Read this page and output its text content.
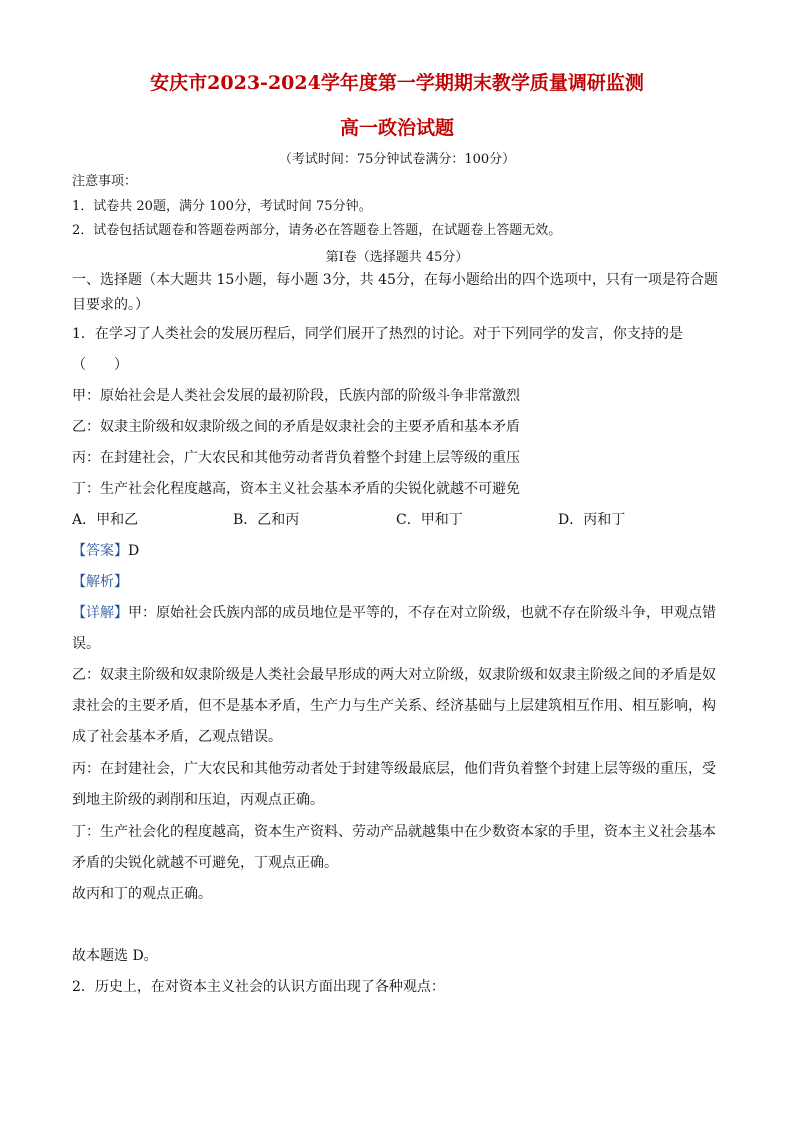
安庆市2023-2024学年度第一学期期末教学质量调研监测
高一政治试题
（考试时间：75分钟试卷满分：100分）
注意事项：
1．试卷共 20题，满分 100分，考试时间 75分钟。
2．试卷包括试题卷和答题卷两部分，请务必在答题卷上答题，在试题卷上答题无效。
第Ⅰ卷（选择题共 45分）
一、选择题（本大题共 15小题，每小题 3分，共 45分，在每小题给出的四个选项中，只有一项是符合题
目要求的。）
1．在学习了人类社会的发展历程后，同学们展开了热烈的讨论。对于下列同学的发言，你支持的是
（　　）
甲：原始社会是人类社会发展的最初阶段，氏族内部的阶级斗争非常激烈
乙：奴隶主阶级和奴隶阶级之间的矛盾是奴隶社会的主要矛盾和基本矛盾
丙：在封建社会，广大农民和其他劳动者背负着整个封建上层等级的重压
丁：生产社会化程度越高，资本主义社会基本矛盾的尖锐化就越不可避免
A．甲和乙	B．乙和丙	C．甲和丁	D．丙和丁
【答案】D
【解析】
【详解】甲：原始社会氏族内部的成员地位是平等的，不存在对立阶级，也就不存在阶级斗争，甲观点错
误。
乙：奴隶主阶级和奴隶阶级是人类社会最早形成的两大对立阶级，奴隶阶级和奴隶主阶级之间的矛盾是奴
隶社会的主要矛盾，但不是基本矛盾，生产力与生产关系、经济基础与上层建筑相互作用、相互影响，构
成了社会基本矛盾，乙观点错误。
丙：在封建社会，广大农民和其他劳动者处于封建等级最底层，他们背负着整个封建上层等级的重压，受
到地主阶级的剥削和压迫，丙观点正确。
丁：生产社会化的程度越高，资本生产资料、劳动产品就越集中在少数资本家的手里，资本主义社会基本
矛盾的尖锐化就越不可避免，丁观点正确。
故丙和丁的观点正确。
故本题选 D。
2．历史上，在对资本主义社会的认识方面出现了各种观点：
